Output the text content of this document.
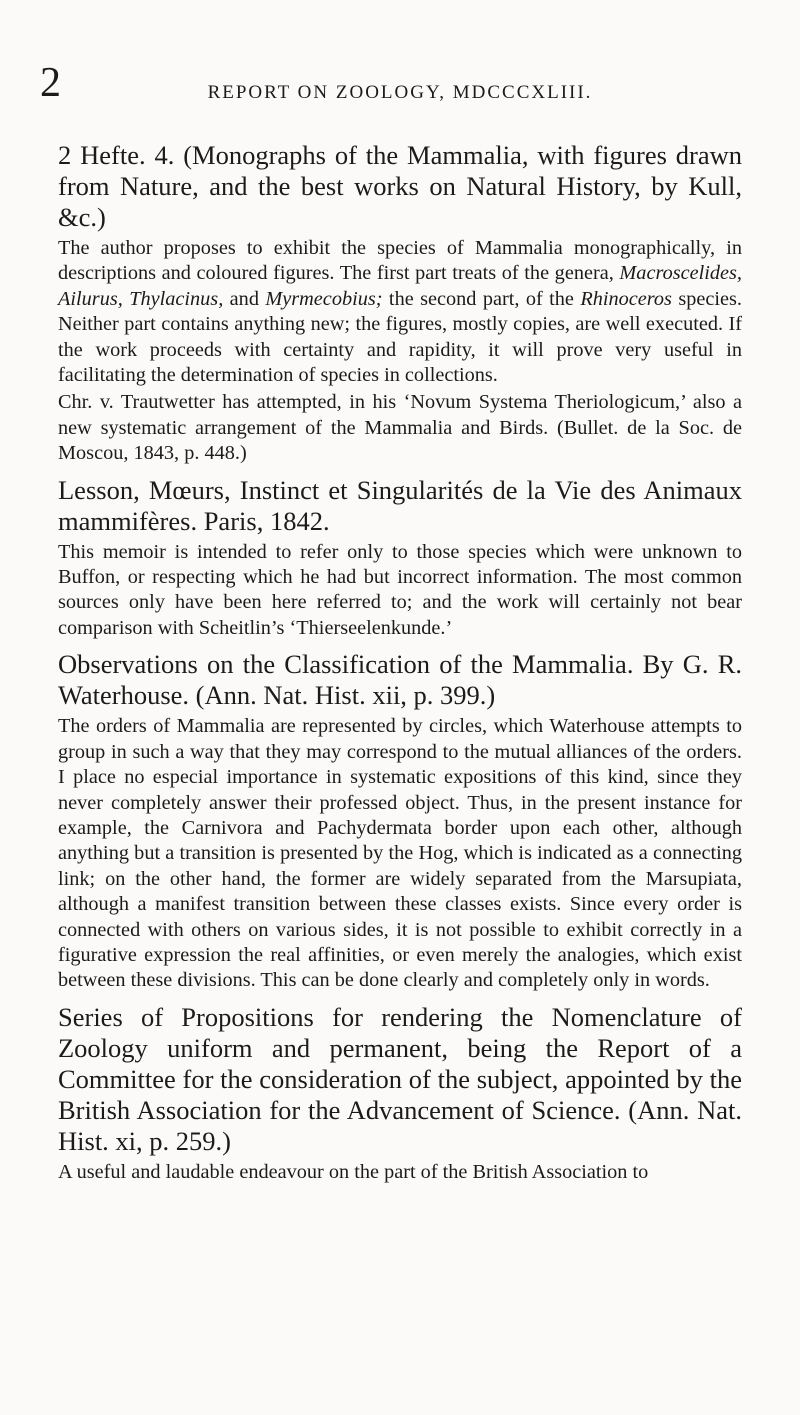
2	REPORT ON ZOOLOGY, MDCCCXLIII.

2 Hefte. 4. (Monographs of the Mammalia, with figures drawn from Nature, and the best works on Natural History, by Kull, &c.)

The author proposes to exhibit the species of Mammalia monographically, in descriptions and coloured figures. The first part treats of the genera, Macroscelides, Ailurus, Thylacinus, and Myrmecobius; the second part, of the Rhinoceros species. Neither part contains anything new; the figures, mostly copies, are well executed. If the work proceeds with certainty and rapidity, it will prove very useful in facilitating the determination of species in collections.

Chr. v. Trautwetter has attempted, in his ‘Novum Systema Theriologicum,’ also a new systematic arrangement of the Mammalia and Birds. (Bullet. de la Soc. de Moscou, 1843, p. 448.)

Lesson, Mœurs, Instinct et Singularités de la Vie des Animaux mammifères. Paris, 1842.

This memoir is intended to refer only to those species which were unknown to Buffon, or respecting which he had but incorrect information. The most common sources only have been here referred to; and the work will certainly not bear comparison with Scheitlin’s ‘Thierseelenkunde.’

Observations on the Classification of the Mammalia. By G. R. Waterhouse. (Ann. Nat. Hist. xii, p. 399.)

The orders of Mammalia are represented by circles, which Waterhouse attempts to group in such a way that they may correspond to the mutual alliances of the orders. I place no especial importance in systematic expositions of this kind, since they never completely answer their professed object. Thus, in the present instance for example, the Carnivora and Pachydermata border upon each other, although anything but a transition is presented by the Hog, which is indicated as a connecting link; on the other hand, the former are widely separated from the Marsupiata, although a manifest transition between these classes exists. Since every order is connected with others on various sides, it is not possible to exhibit correctly in a figurative expression the real affinities, or even merely the analogies, which exist between these divisions. This can be done clearly and completely only in words.

Series of Propositions for rendering the Nomenclature of Zoology uniform and permanent, being the Report of a Committee for the consideration of the subject, appointed by the British Association for the Advancement of Science. (Ann. Nat. Hist. xi, p. 259.)

A useful and laudable endeavour on the part of the British Association to
